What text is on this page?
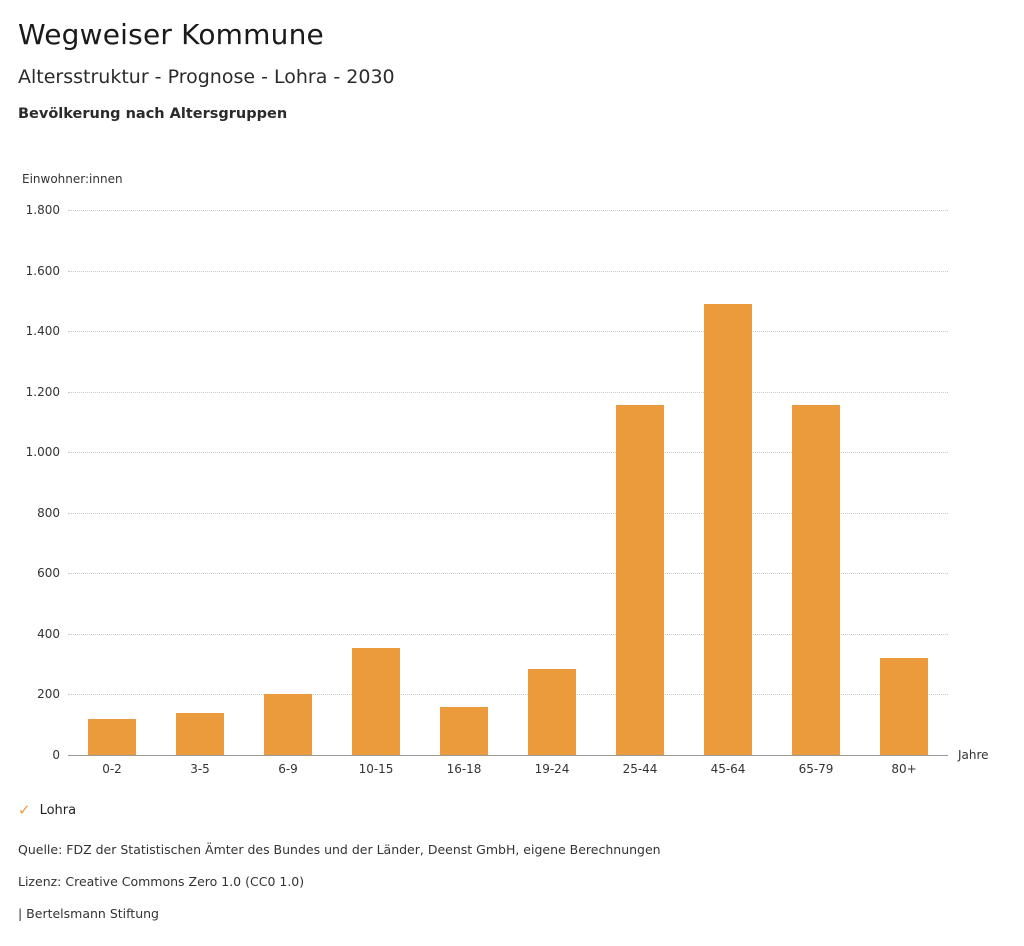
Wegweiser Kommune
Altersstruktur - Prognose - Lohra - 2030
Bevölkerung nach Altersgruppen
Einwohner:innen
0
200
400
600
800
1.000
1.200
1.400
1.600
1.800
0-2	3-5	6-9	10-15	16-18	19-24	25-44	45-64	65-79	80+
Jahre
✓ Lohra
Quelle: FDZ der Statistischen Ämter des Bundes und der Länder, Deenst GmbH, eigene Berechnungen
Lizenz: Creative Commons Zero 1.0 (CC0 1.0)
| Bertelsmann Stiftung
